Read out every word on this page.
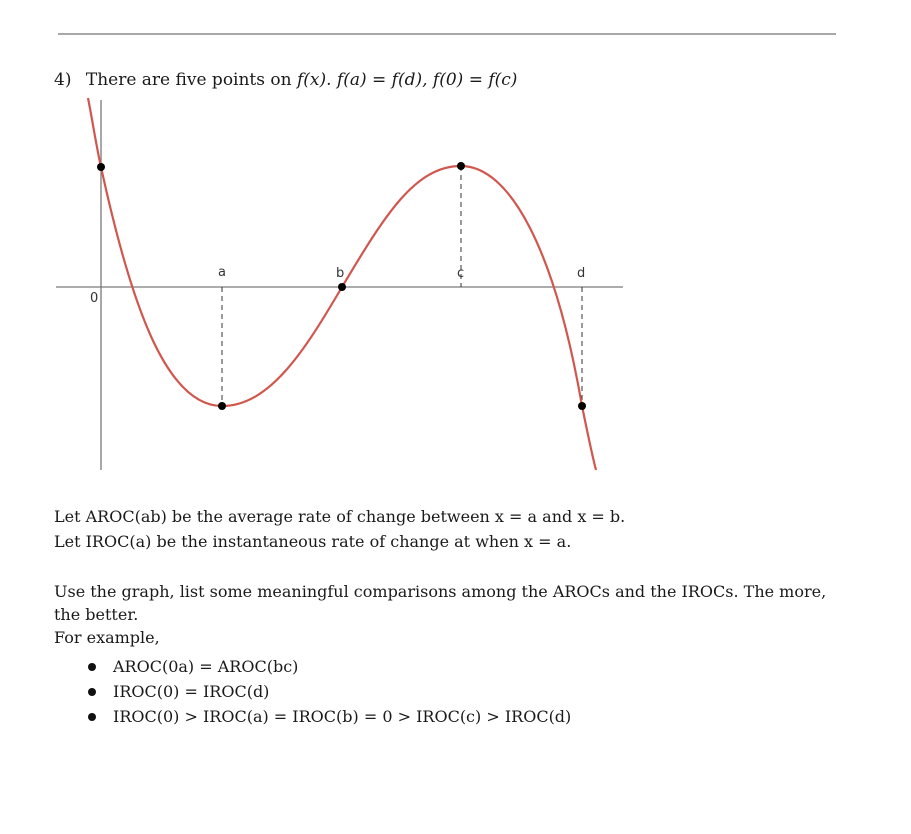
4) There are five points on f(x). f(a) = f(d), f(0) = f(c)
0
a	b	c	d
Let AROC(ab) be the average rate of change between x = a and x = b.
Let IROC(a) be the instantaneous rate of change at when x = a.
Use the graph, list some meaningful comparisons among the AROCs and the IROCs. The more, the better.
For example,
AROC(0a) = AROC(bc)
IROC(0) = IROC(d)
IROC(0) > IROC(a) = IROC(b) = 0 > IROC(c) > IROC(d)
